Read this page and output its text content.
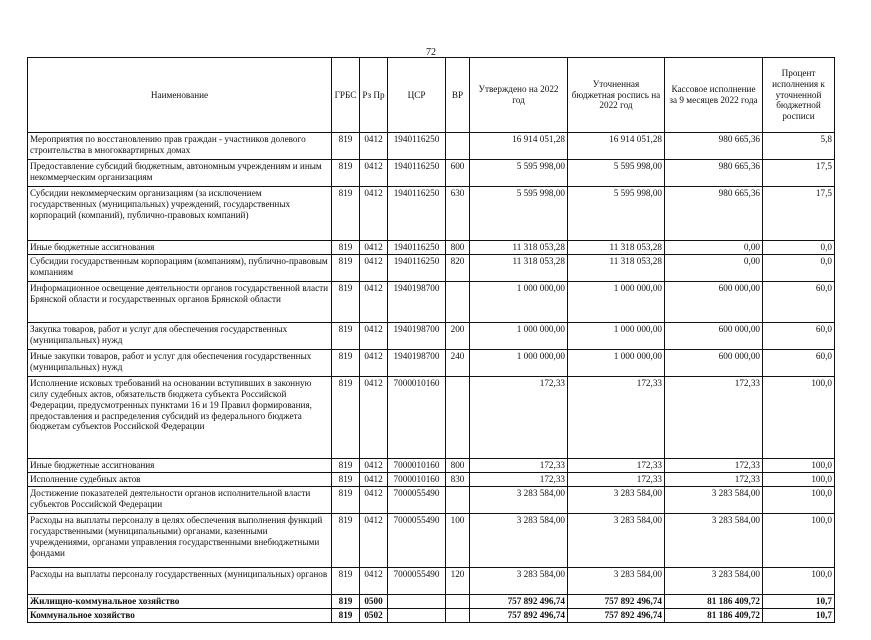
72
Наименование	ГРБС	Рз Пр	ЦСР	ВР	Утверждено на 2022 год	Уточненная бюджетная роспись на 2022 год	Кассовое исполнение за 9 месяцев 2022 года	Процент исполнения к уточненной бюджетной росписи
Мероприятия по восстановлению прав граждан - участников долевого строительства в многоквартирных домах	819	0412	1940116250		16 914 051,28	16 914 051,28	980 665,36	5,8
Предоставление субсидий бюджетным, автономным учреждениям и иным некоммерческим организациям	819	0412	1940116250	600	5 595 998,00	5 595 998,00	980 665,36	17,5
Субсидии некоммерческим организациям (за исключением государственных (муниципальных) учреждений, государственных корпораций (компаний), публично-правовых компаний)	819	0412	1940116250	630	5 595 998,00	5 595 998,00	980 665,36	17,5
Иные бюджетные ассигнования	819	0412	1940116250	800	11 318 053,28	11 318 053,28	0,00	0,0
Субсидии государственным корпорациям (компаниям), публично-правовым компаниям	819	0412	1940116250	820	11 318 053,28	11 318 053,28	0,00	0,0
Информационное освещение деятельности органов государственной власти Брянской области и государственных органов Брянской области	819	0412	1940198700		1 000 000,00	1 000 000,00	600 000,00	60,0
Закупка товаров, работ и услуг для обеспечения государственных (муниципальных) нужд	819	0412	1940198700	200	1 000 000,00	1 000 000,00	600 000,00	60,0
Иные закупки товаров, работ и услуг для обеспечения государственных (муниципальных) нужд	819	0412	1940198700	240	1 000 000,00	1 000 000,00	600 000,00	60,0
Исполнение исковых требований на основании вступивших в законную силу судебных актов, обязательств бюджета субъекта Российской Федерации, предусмотренных пунктами 16 и 19 Правил формирования, предоставления и распределения субсидий из федерального бюджета бюджетам субъектов Российской Федерации	819	0412	7000010160		172,33	172,33	172,33	100,0
Иные бюджетные ассигнования	819	0412	7000010160	800	172,33	172,33	172,33	100,0
Исполнение судебных актов	819	0412	7000010160	830	172,33	172,33	172,33	100,0
Достижение показателей деятельности органов исполнительной власти субъектов Российской Федерации	819	0412	7000055490		3 283 584,00	3 283 584,00	3 283 584,00	100,0
Расходы на выплаты персоналу в целях обеспечения выполнения функций государственными (муниципальными) органами, казенными учреждениями, органами управления государственными внебюджетными фондами	819	0412	7000055490	100	3 283 584,00	3 283 584,00	3 283 584,00	100,0
Расходы на выплаты персоналу государственных (муниципальных) органов	819	0412	7000055490	120	3 283 584,00	3 283 584,00	3 283 584,00	100,0
Жилищно-коммунальное хозяйство	819	0500			757 892 496,74	757 892 496,74	81 186 409,72	10,7
Коммунальное хозяйство	819	0502			757 892 496,74	757 892 496,74	81 186 409,72	10,7
